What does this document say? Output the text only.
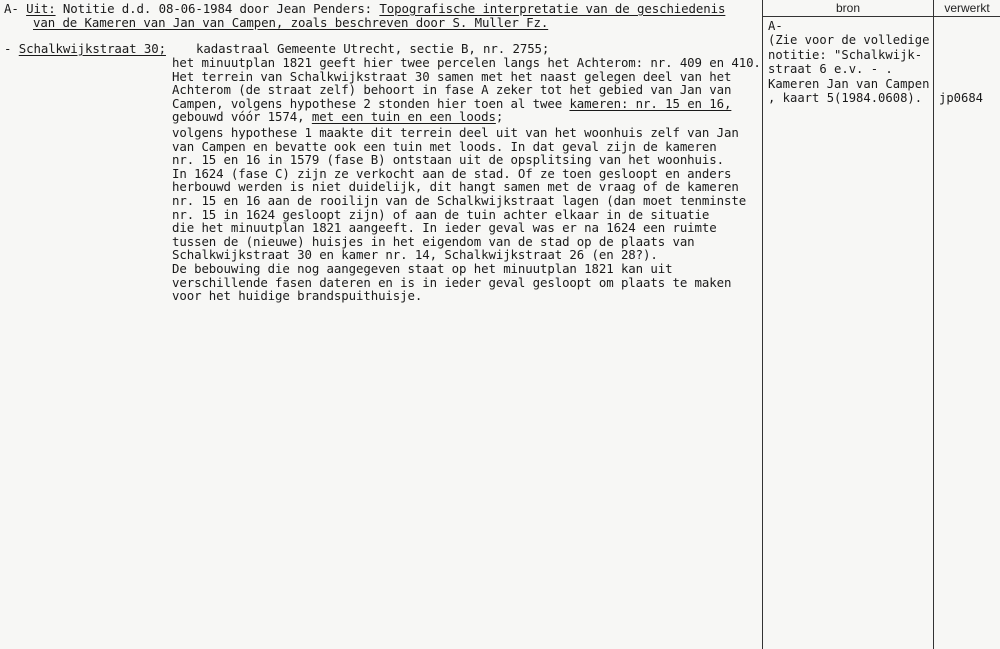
bron	verwerkt
A- Uit: Notitie d.d. 08-06-1984 door Jean Penders: Topografische interpretatie van de geschiedenis
van de Kameren van Jan van Campen, zoals beschreven door S. Muller Fz.
- Schalkwijkstraat 30; kadastraal Gemeente Utrecht, sectie B, nr. 2755;
het minuutplan 1821 geeft hier twee percelen langs het Achterom: nr. 409 en 410.
Het terrein van Schalkwijkstraat 30 samen met het naast gelegen deel van het
Achterom (de straat zelf) behoort in fase A zeker tot het gebied van Jan van
Campen, volgens hypothese 2 stonden hier toen al twee kameren: nr. 15 en 16,
gebouwd vóór 1574, met een tuin en een loods;
volgens hypothese 1 maakte dit terrein deel uit van het woonhuis zelf van Jan
van Campen en bevatte ook een tuin met loods. In dat geval zijn de kameren
nr. 15 en 16 in 1579 (fase B) ontstaan uit de opsplitsing van het woonhuis.
In 1624 (fase C) zijn ze verkocht aan de stad. Of ze toen gesloopt en anders
herbouwd werden is niet duidelijk, dit hangt samen met de vraag of de kameren
nr. 15 en 16 aan de rooilijn van de Schalkwijkstraat lagen (dan moet tenminste
nr. 15 in 1624 gesloopt zijn) of aan de tuin achter elkaar in de situatie
die het minuutplan 1821 aangeeft. In ieder geval was er na 1624 een ruimte
tussen de (nieuwe) huisjes in het eigendom van de stad op de plaats van
Schalkwijkstraat 30 en kamer nr. 14, Schalkwijkstraat 26 (en 28?).
De bebouwing die nog aangegeven staat op het minuutplan 1821 kan uit
verschillende fasen dateren en is in ieder geval gesloopt om plaats te maken
voor het huidige brandspuithuisje.
A-
(Zie voor de volledige
notitie: "Schalkwijk-
straat 6 e.v. - .
Kameren Jan van Campen
, kaart 5(1984.0608). jp0684
